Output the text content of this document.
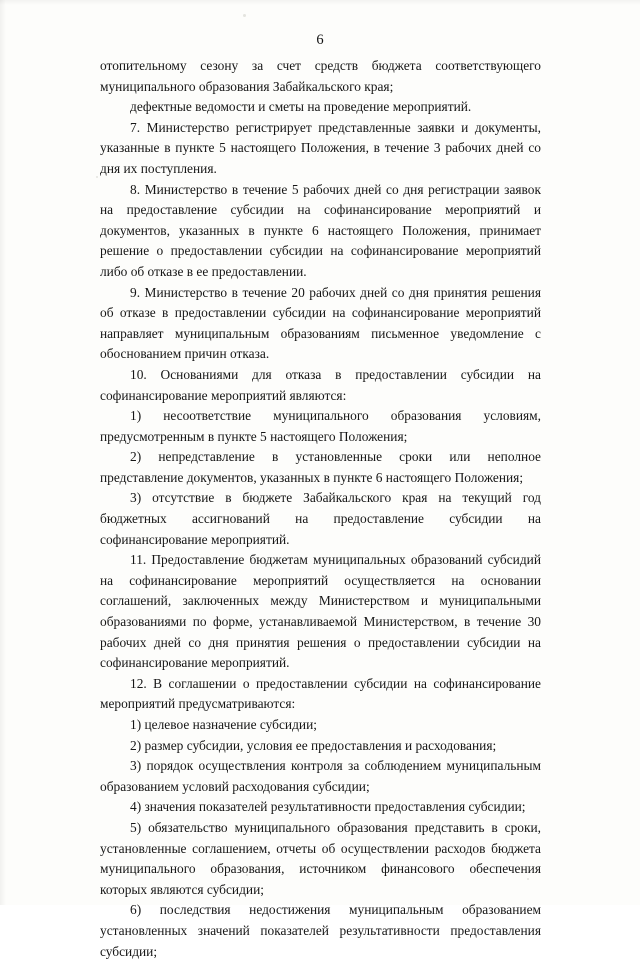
6

отопительному сезону за счет средств бюджета соответствующего муниципального образования Забайкальского края;

дефектные ведомости и сметы на проведение мероприятий.

7. Министерство регистрирует представленные заявки и документы, указанные в пункте 5 настоящего Положения, в течение 3 рабочих дней со дня их поступления.

8. Министерство в течение 5 рабочих дней со дня регистрации заявок на предоставление субсидии на софинансирование мероприятий и документов, указанных в пункте 6 настоящего Положения, принимает решение о предоставлении субсидии на софинансирование мероприятий либо об отказе в ее предоставлении.

9. Министерство в течение 20 рабочих дней со дня принятия решения об отказе в предоставлении субсидии на софинансирование мероприятий направляет муниципальным образованиям письменное уведомление с обоснованием причин отказа.

10. Основаниями для отказа в предоставлении субсидии на софинансирование мероприятий являются:

1) несоответствие муниципального образования условиям, предусмотренным в пункте 5 настоящего Положения;

2) непредставление в установленные сроки или неполное представление документов, указанных в пункте 6 настоящего Положения;

3) отсутствие в бюджете Забайкальского края на текущий год бюджетных ассигнований на предоставление субсидии на софинансирование мероприятий.

11. Предоставление бюджетам муниципальных образований субсидий на софинансирование мероприятий осуществляется на основании соглашений, заключенных между Министерством и муниципальными образованиями по форме, устанавливаемой Министерством, в течение 30 рабочих дней со дня принятия решения о предоставлении субсидии на софинансирование мероприятий.

12. В соглашении о предоставлении субсидии на софинансирование мероприятий предусматриваются:

1) целевое назначение субсидии;

2) размер субсидии, условия ее предоставления и расходования;

3) порядок осуществления контроля за соблюдением муниципальным образованием условий расходования субсидии;

4) значения показателей результативности предоставления субсидии;

5) обязательство муниципального образования представить в сроки, установленные соглашением, отчеты об осуществлении расходов бюджета муниципального образования, источником финансового обеспечения которых являются субсидии;

6) последствия недостижения муниципальным образованием установленных значений показателей результативности предоставления субсидии;
